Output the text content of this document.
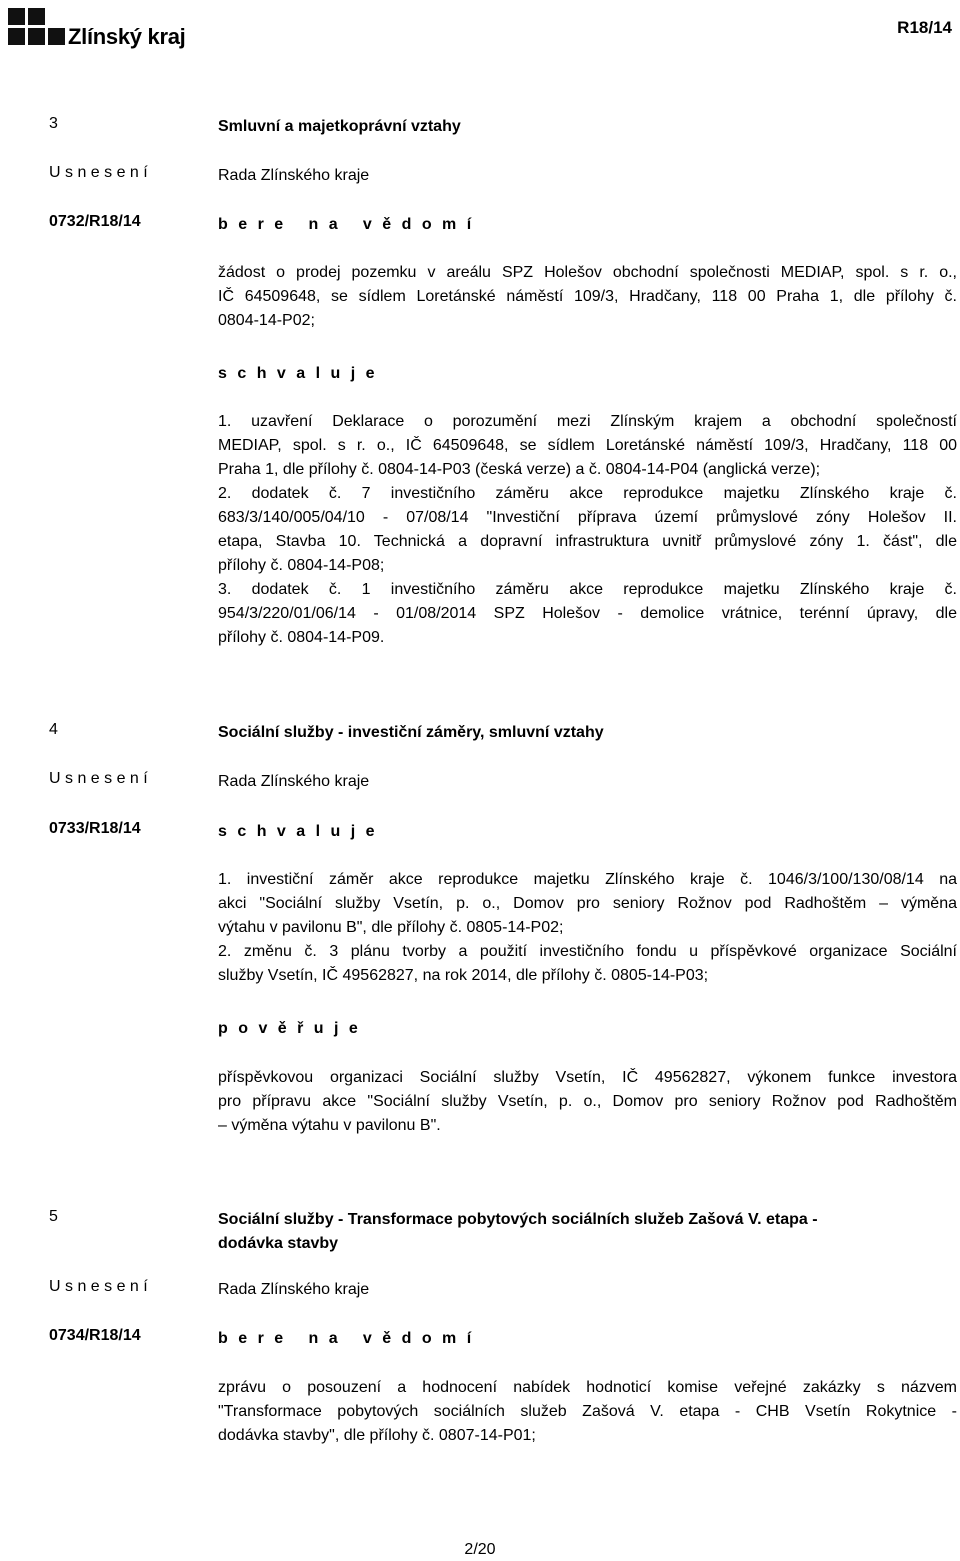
Zlínský kraj	R18/14
3	Smluvní a majetkoprávní vztahy
U s n e s e n í	Rada Zlínského kraje
0732/R18/14	b e r e   n a   v ě d o m í
žádost o prodej pozemku v areálu SPZ Holešov obchodní společnosti MEDIAP, spol. s r. o.,
IČ 64509648, se sídlem Loretánské náměstí 109/3, Hradčany, 118 00 Praha 1, dle přílohy č.
0804-14-P02;
s c h v a l u j e
1. uzavření Deklarace o porozumění mezi Zlínským krajem a obchodní společností
MEDIAP, spol. s r. o., IČ 64509648, se sídlem Loretánské náměstí 109/3, Hradčany, 118 00
Praha 1, dle přílohy č. 0804-14-P03 (česká verze) a č. 0804-14-P04 (anglická verze);
2. dodatek č. 7 investičního záměru akce reprodukce majetku Zlínského kraje č.
683/3/140/005/04/10 - 07/08/14 "Investiční příprava území průmyslové zóny Holešov II.
etapa, Stavba 10. Technická a dopravní infrastruktura uvnitř průmyslové zóny 1. část", dle
přílohy č. 0804-14-P08;
3. dodatek č. 1 investičního záměru akce reprodukce majetku Zlínského kraje č.
954/3/220/01/06/14 - 01/08/2014 SPZ Holešov - demolice vrátnice, terénní úpravy, dle
přílohy č. 0804-14-P09.
4	Sociální služby - investiční záměry, smluvní vztahy
U s n e s e n í	Rada Zlínského kraje
0733/R18/14	s c h v a l u j e
1. investiční záměr akce reprodukce majetku Zlínského kraje č. 1046/3/100/130/08/14 na
akci "Sociální služby Vsetín, p. o., Domov pro seniory Rožnov pod Radhoštěm – výměna
výtahu v pavilonu B", dle přílohy č. 0805-14-P02;
2. změnu č. 3 plánu tvorby a použití investičního fondu u příspěvkové organizace Sociální
služby Vsetín, IČ 49562827, na rok 2014, dle přílohy č. 0805-14-P03;
p o v ě ř u j e
příspěvkovou organizaci Sociální služby Vsetín, IČ 49562827, výkonem funkce investora
pro přípravu akce "Sociální služby Vsetín, p. o., Domov pro seniory Rožnov pod Radhoštěm
– výměna výtahu v pavilonu B".
5	Sociální služby - Transformace pobytových sociálních služeb Zašová V. etapa -
dodávka stavby
U s n e s e n í	Rada Zlínského kraje
0734/R18/14	b e r e   n a   v ě d o m í
zprávu o posouzení a hodnocení nabídek hodnoticí komise veřejné zakázky s názvem
"Transformace pobytových sociálních služeb Zašová V. etapa - CHB Vsetín Rokytnice -
dodávka stavby", dle přílohy č. 0807-14-P01;
2/20
